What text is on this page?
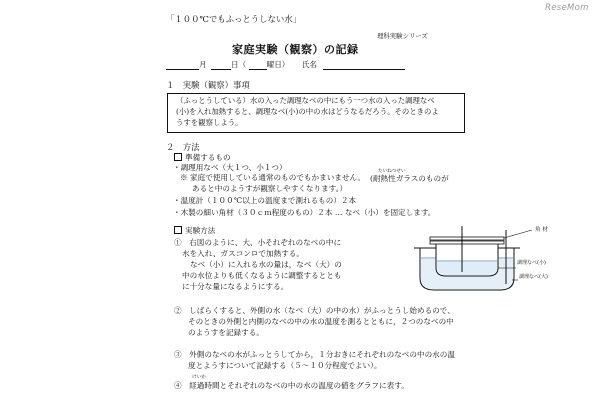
「１００℃でもふっとうしない水」
理科実験シリーズ
ReseMom
家庭実験（観察）の記録
月	日（	曜日） 氏名
１　実験（観察）事項
（ふっとうしている）水の入った調理なべの中にもう一つ水の入った調理なべ
(小)を入れ加熱すると、調理なべ(小)の中の水はどうなるだろう。そのときのよ
うすを観察しよう。
２　方法
準備するもの
・調理用なべ（大１つ、小１つ）
※ 家庭で使用している通常のものでもかまいません。
たいねつせい
(耐熱性ガラスのものが
あると中のようすが観察しやすくなります。）
・温度計（１００℃以上の温度まで測れるもの）２本
・木製の細い角材（３０ｃｍ程度のもの）２本 … なべ（小）を固定します。
実験方法
①　右図のように、大、小それぞれのなべの中に
水を入れ、ガスコンロで加熱する。
なべ（小）に入れる水の量は，なべ（大）の
中の水位よりも低くなるように調整するととも
に十分な量になるようにする。
角 材
調理なべ(小)
調理なべ(大)
②　しばらくすると、外側の水（なべ（大）の中の水）がふっとうし始めるので、
そのときの外側と内側のなべの中の水の温度を測るとともに，２つのなべの中
のようすを記録する。
③　外側のなべの水がふっとうしてから，１分おきにそれぞれのなべの中の水の温
度とようすについて記録する（５～１０分程度でよい）。
けいか
④　経過時間とそれぞれのなべの中の水の温度の値をグラフに表す。
